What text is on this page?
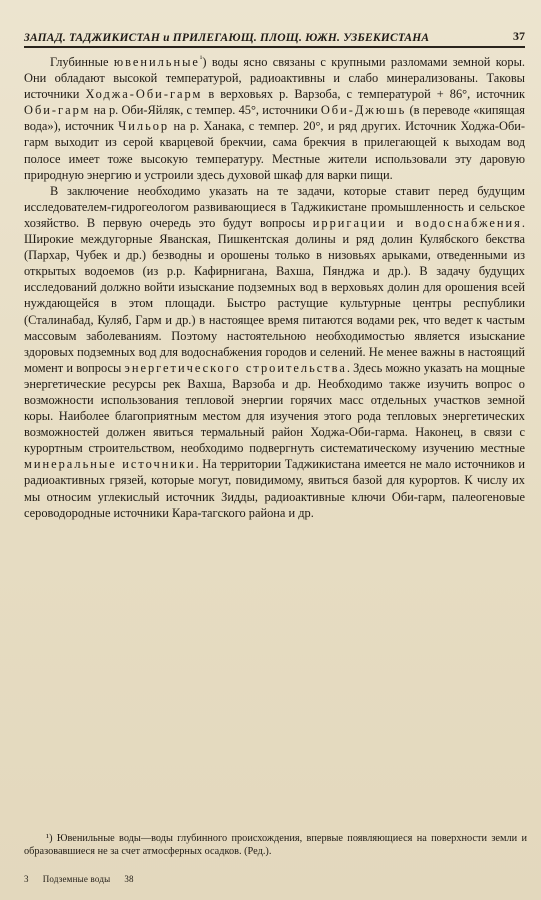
ЗАПАД. ТАДЖИКИСТАН и ПРИЛЕГАЮЩ. ПЛОЩ. ЮЖН. УЗБЕКИСТАНА	37

Глубинные ювенильные$^{^1}$) воды ясно связаны с крупными разломами земной коры. Они обладают высокой температурой, радиоактивны и слабо минерализованы. Таковы источники Ходжа-Оби-гарм в верховьях р. Варзоба, с температурой + 86°, источник Оби-гарм на р. Оби-Яйляк, с темпер. 45°, источники Оби-Джюшь (в переводе «кипящая вода»), источник Чильор на р. Ханака, с темпер. 20°, и ряд других. Источник Ходжа-Оби-гарм выходит из серой кварцевой брекчии, сама брекчия в прилегающей к выходам вод полосе имеет тоже высокую температуру. Местные жители использовали эту даровую природную энергию и устроили здесь духовой шкаф для варки пищи.

В заключение необходимо указать на те задачи, которые ставит перед будущим исследователем-гидрогеологом развивающиеся в Таджикистане промышленность и сельское хозяйство. В первую очередь это будут вопросы ирригации и водоснабжения. Широкие междугорные Яванская, Пишкентская долины и ряд долин Кулябского бекства (Пархар, Чубек и др.) безводны и орошены только в низовьях арыками, отведенными из открытых водоемов (из р.р. Кафирнигана, Вахша, Пянджа и др.). В задачу будущих исследований должно войти изыскание подземных вод в верховьях долин для орошения всей нуждающейся в этом площади. Быстро растущие культурные центры республики (Сталинабад, Куляб, Гарм и др.) в настоящее время питаются водами рек, что ведет к частым массовым заболеваниям. Поэтому настоятельною необходимостью является изыскание здоровых подземных вод для водоснабжения городов и селений. Не менее важны в настоящий момент и вопросы энергетического строительства. Здесь можно указать на мощные энергетические ресурсы рек Вахша, Варзоба и др. Необходимо также изучить вопрос о возможности использования тепловой энергии горячих масс отдельных участков земной коры. Наиболее благоприятным местом для изучения этого рода тепловых энергетических возможностей должен явиться термальный район Ходжа-Оби-гарма. Наконец, в связи с курортным строительством, необходимо подвергнуть систематическому изучению местные минеральные источники. На территории Таджикистана имеется не мало источников и радиоактивных грязей, которые могут, повидимому, явиться базой для курортов. К числу их мы относим углекислый источник Зидды, радиоактивные ключи Оби-гарм, палеогеновые сероводородные источники Кара-тагского района и др.

¹) Ювенильные воды—воды глубинного происхождения, впервые появляющиеся на поверхности земли и образовавшиеся не за счет атмосферных осадков. (Ред.).

3 Подземные воды 38
